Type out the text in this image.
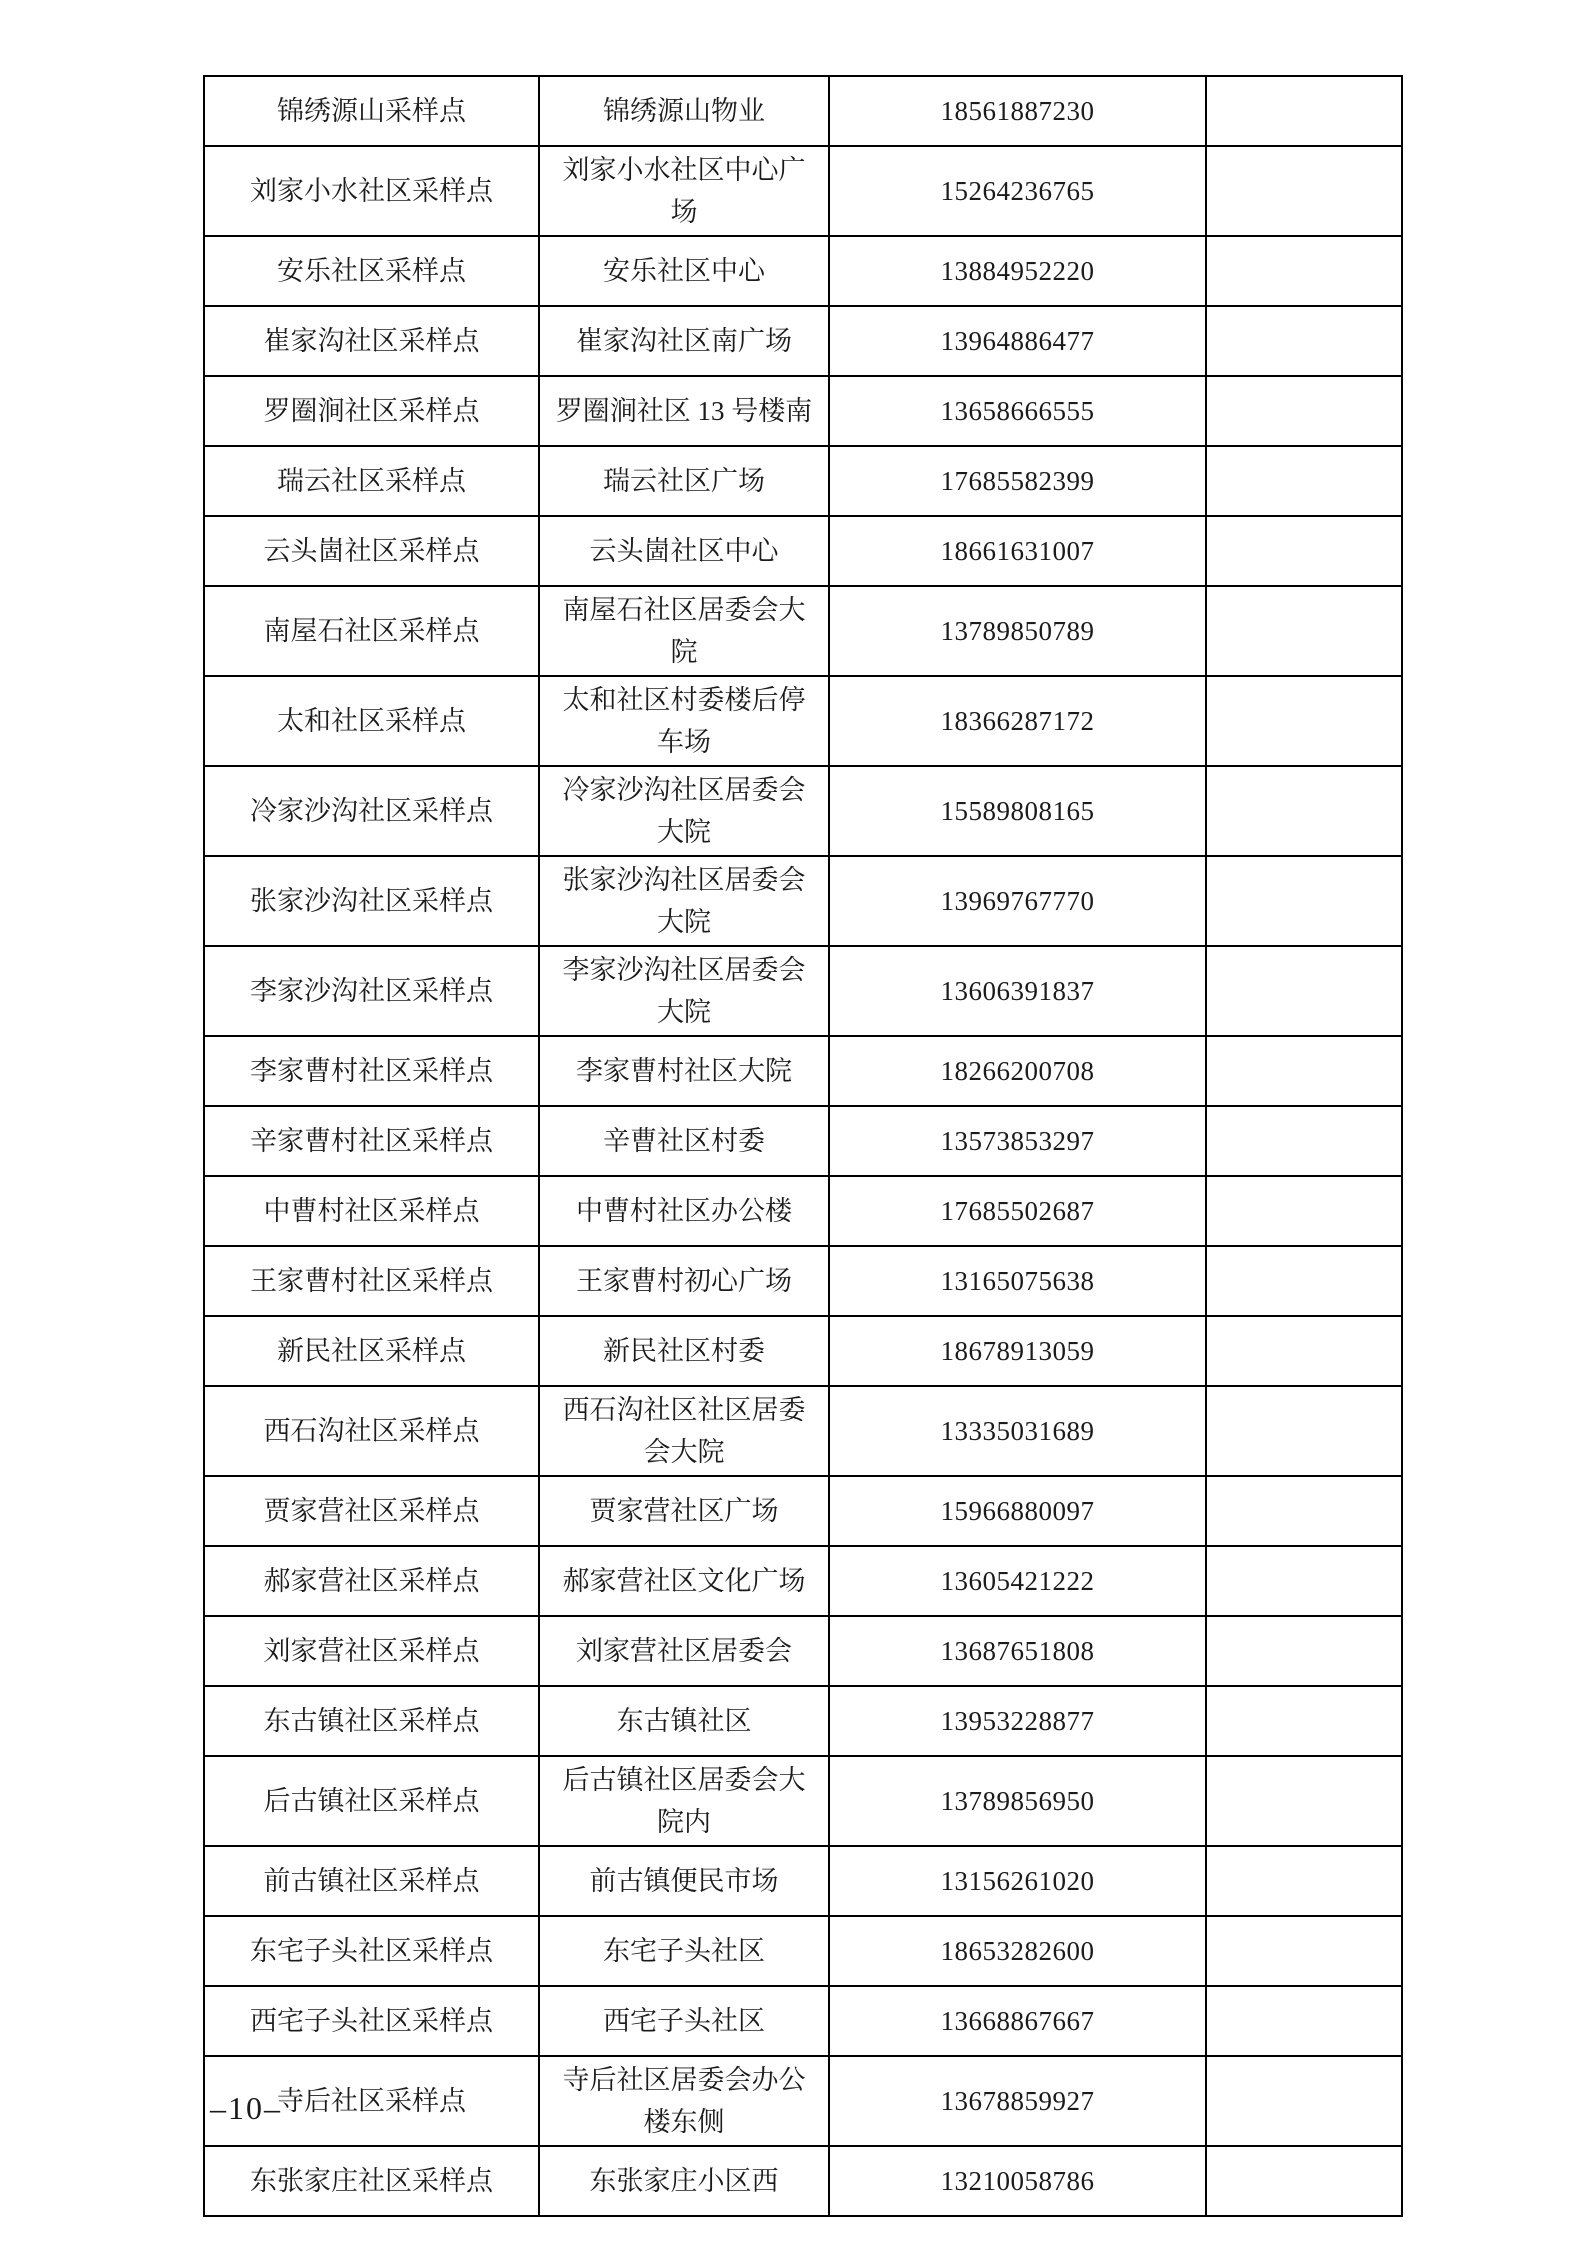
锦绣源山采样点	锦绣源山物业	18561887230	
刘家小水社区采样点	刘家小水社区中心广场	15264236765	
安乐社区采样点	安乐社区中心	13884952220	
崔家沟社区采样点	崔家沟社区南广场	13964886477	
罗圈涧社区采样点	罗圈涧社区 13 号楼南	13658666555	
瑞云社区采样点	瑞云社区广场	17685582399	
云头崮社区采样点	云头崮社区中心	18661631007	
南屋石社区采样点	南屋石社区居委会大院	13789850789	
太和社区采样点	太和社区村委楼后停车场	18366287172	
冷家沙沟社区采样点	冷家沙沟社区居委会大院	15589808165	
张家沙沟社区采样点	张家沙沟社区居委会大院	13969767770	
李家沙沟社区采样点	李家沙沟社区居委会大院	13606391837	
李家曹村社区采样点	李家曹村社区大院	18266200708	
辛家曹村社区采样点	辛曹社区村委	13573853297	
中曹村社区采样点	中曹村社区办公楼	17685502687	
王家曹村社区采样点	王家曹村初心广场	13165075638	
新民社区采样点	新民社区村委	18678913059	
西石沟社区采样点	西石沟社区社区居委会大院	13335031689	
贾家营社区采样点	贾家营社区广场	15966880097	
郝家营社区采样点	郝家营社区文化广场	13605421222	
刘家营社区采样点	刘家营社区居委会	13687651808	
东古镇社区采样点	东古镇社区	13953228877	
后古镇社区采样点	后古镇社区居委会大院内	13789856950	
前古镇社区采样点	前古镇便民市场	13156261020	
东宅子头社区采样点	东宅子头社区	18653282600	
西宅子头社区采样点	西宅子头社区	13668867667	
寺后社区采样点	寺后社区居委会办公楼东侧	13678859927	
东张家庄社区采样点	东张家庄小区西	13210058786	
–10–
